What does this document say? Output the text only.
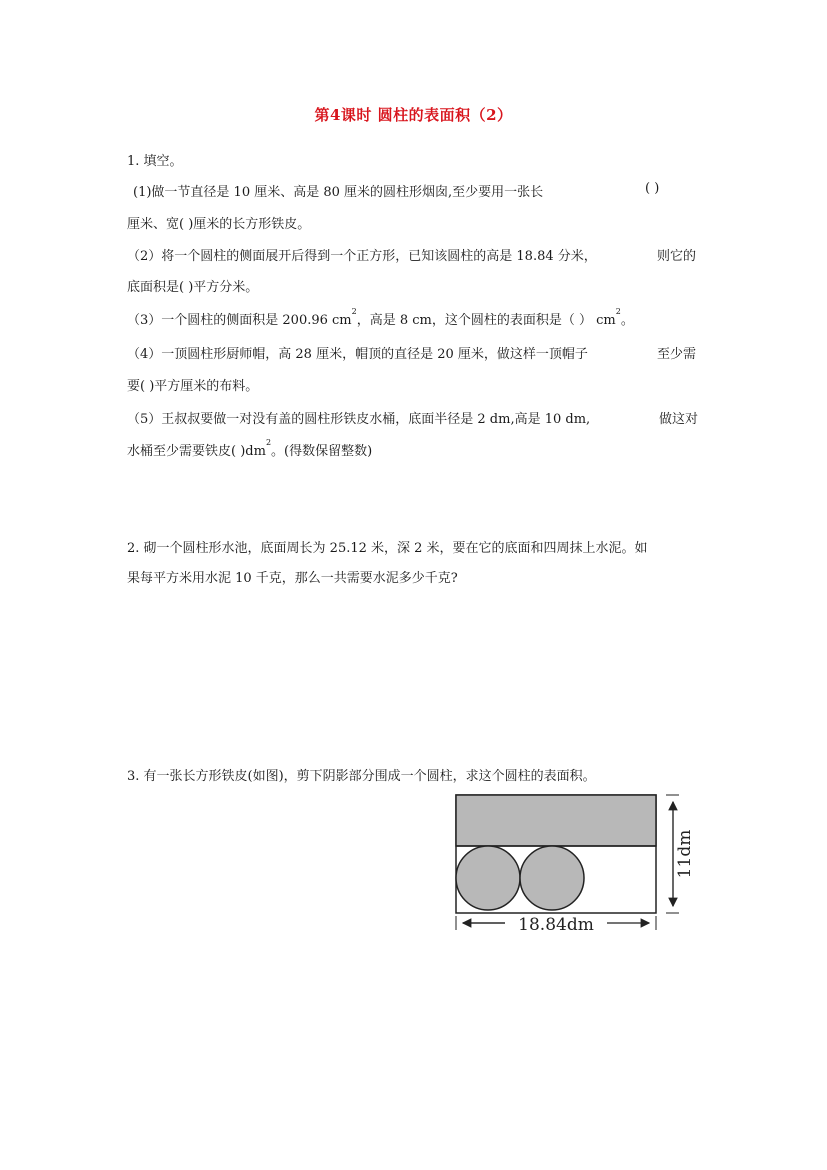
第4课时 圆柱的表面积（2）
1. 填空。
(1)做一节直径是 10 厘米、高是 80 厘米的圆柱形烟囱,至少要用一张长	( )
厘米、宽( )厘米的长方形铁皮。
（2）将一个圆柱的侧面展开后得到一个正方形，已知该圆柱的高是 18.84 分米，	则它的
底面积是( )平方分米。
（3）一个圆柱的侧面积是 200.96 $cm^2$，高是 8 cm，这个圆柱的表面积是（ ） $cm^2$。
（4）一顶圆柱形厨师帽，高 28 厘米，帽顶的直径是 20 厘米，做这样一顶帽子	至少需
要( )平方厘米的布料。
（5）王叔叔要做一对没有盖的圆柱形铁皮水桶，底面半径是 2 dm,高是 10 dm,	做这对
水桶至少需要铁皮( )$dm^2$。(得数保留整数)
2. 砌一个圆柱形水池，底面周长为 25.12 米，深 2 米，要在它的底面和四周抹上水泥。如
果每平方米用水泥 10 千克，那么一共需要水泥多少千克?
3. 有一张长方形铁皮(如图)，剪下阴影部分围成一个圆柱，求这个圆柱的表面积。
18.84dm
11dm
